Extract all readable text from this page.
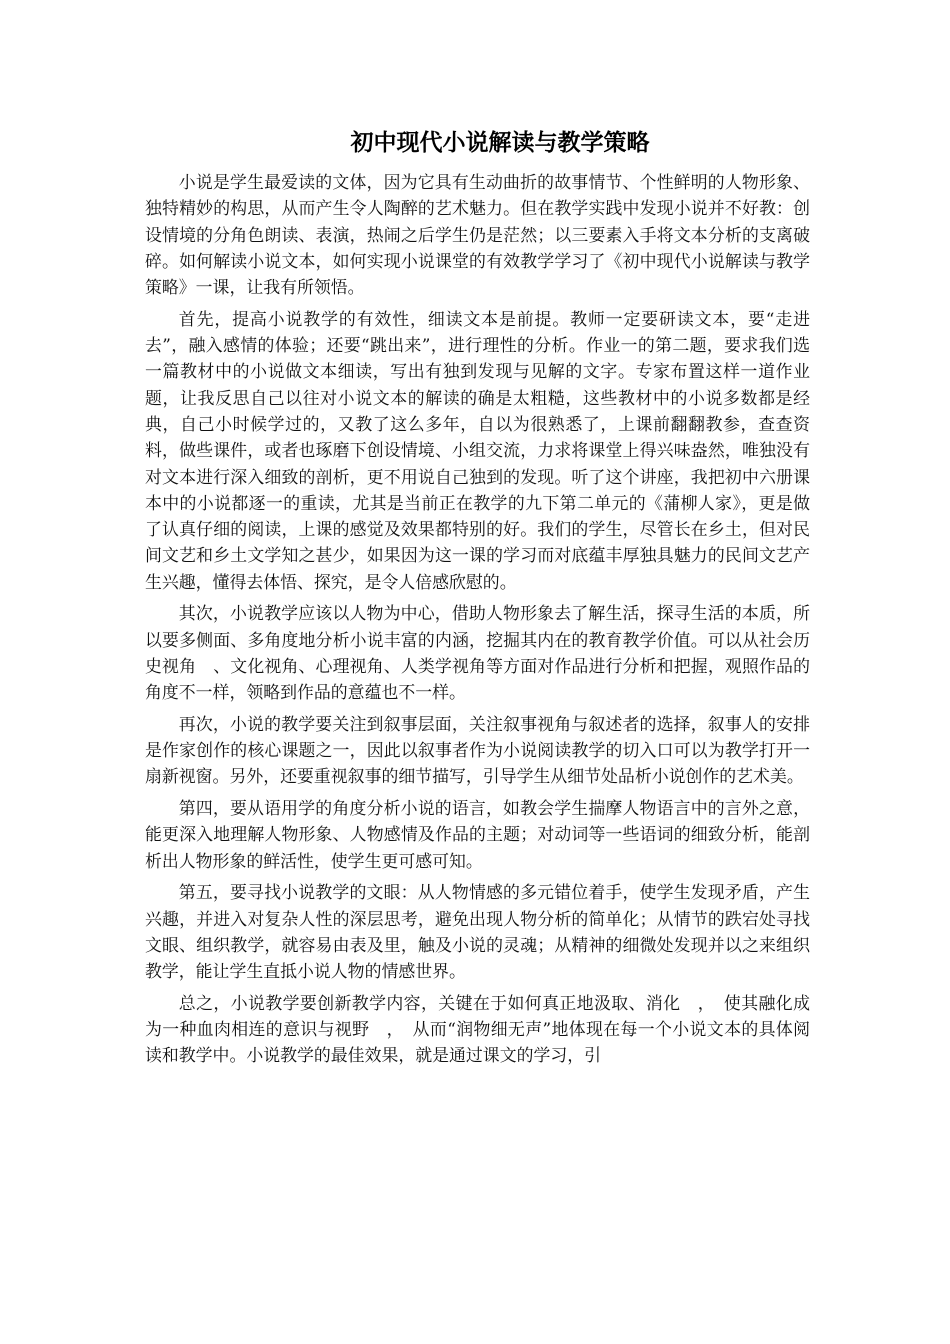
初中现代小说解读与教学策略

小说是学生最爱读的文体，因为它具有生动曲折的故事情节、个性鲜明的人物形象、独特精妙的构思，从而产生令人陶醉的艺术魅力。但在教学实践中发现小说并不好教：创设情境的分角色朗读、表演，热闹之后学生仍是茫然；以三要素入手将文本分析的支离破碎。如何解读小说文本，如何实现小说课堂的有效教学学习了《初中现代小说解读与教学策略》一课，让我有所领悟。

首先，提高小说教学的有效性，细读文本是前提。教师一定要研读文本，要“走进去”，融入感情的体验；还要“跳出来”，进行理性的分析。作业一的第二题，要求我们选一篇教材中的小说做文本细读，写出有独到发现与见解的文字。专家布置这样一道作业题，让我反思自己以往对小说文本的解读的确是太粗糙，这些教材中的小说多数都是经典，自己小时候学过的，又教了这么多年，自以为很熟悉了，上课前翻翻教参，查查资料，做些课件，或者也琢磨下创设情境、小组交流，力求将课堂上得兴味盎然，唯独没有对文本进行深入细致的剖析，更不用说自己独到的发现。听了这个讲座，我把初中六册课本中的小说都逐一的重读，尤其是当前正在教学的九下第二单元的《蒲柳人家》，更是做了认真仔细的阅读，上课的感觉及效果都特别的好。我们的学生，尽管长在乡土，但对民间文艺和乡土文学知之甚少，如果因为这一课的学习而对底蕴丰厚独具魅力的民间文艺产生兴趣，懂得去体悟、探究，是令人倍感欣慰的。

其次，小说教学应该以人物为中心，借助人物形象去了解生活，探寻生活的本质，所以要多侧面、多角度地分析小说丰富的内涵，挖掘其内在的教育教学价值。可以从社会历史视角　、文化视角、心理视角、人类学视角等方面对作品进行分析和把握，观照作品的角度不一样，领略到作品的意蕴也不一样。

再次，小说的教学要关注到叙事层面，关注叙事视角与叙述者的选择，叙事人的安排是作家创作的核心课题之一，因此以叙事者作为小说阅读教学的切入口可以为教学打开一扇新视窗。另外，还要重视叙事的细节描写，引导学生从细节处品析小说创作的艺术美。

第四，要从语用学的角度分析小说的语言，如教会学生揣摩人物语言中的言外之意，能更深入地理解人物形象、人物感情及作品的主题；对动词等一些语词的细致分析，能剖析出人物形象的鲜活性，使学生更可感可知。

第五，要寻找小说教学的文眼：从人物情感的多元错位着手，使学生发现矛盾，产生兴趣，并进入对复杂人性的深层思考，避免出现人物分析的简单化；从情节的跌宕处寻找文眼、组织教学，就容易由表及里，触及小说的灵魂；从精神的细微处发现并以之来组织教学，能让学生直抵小说人物的情感世界。

总之，小说教学要创新教学内容，关键在于如何真正地汲取、消化　，　使其融化成为一种血肉相连的意识与视野　，　从而“润物细无声”地体现在每一个小说文本的具体阅读和教学中。小说教学的最佳效果，就是通过课文的学习，引
